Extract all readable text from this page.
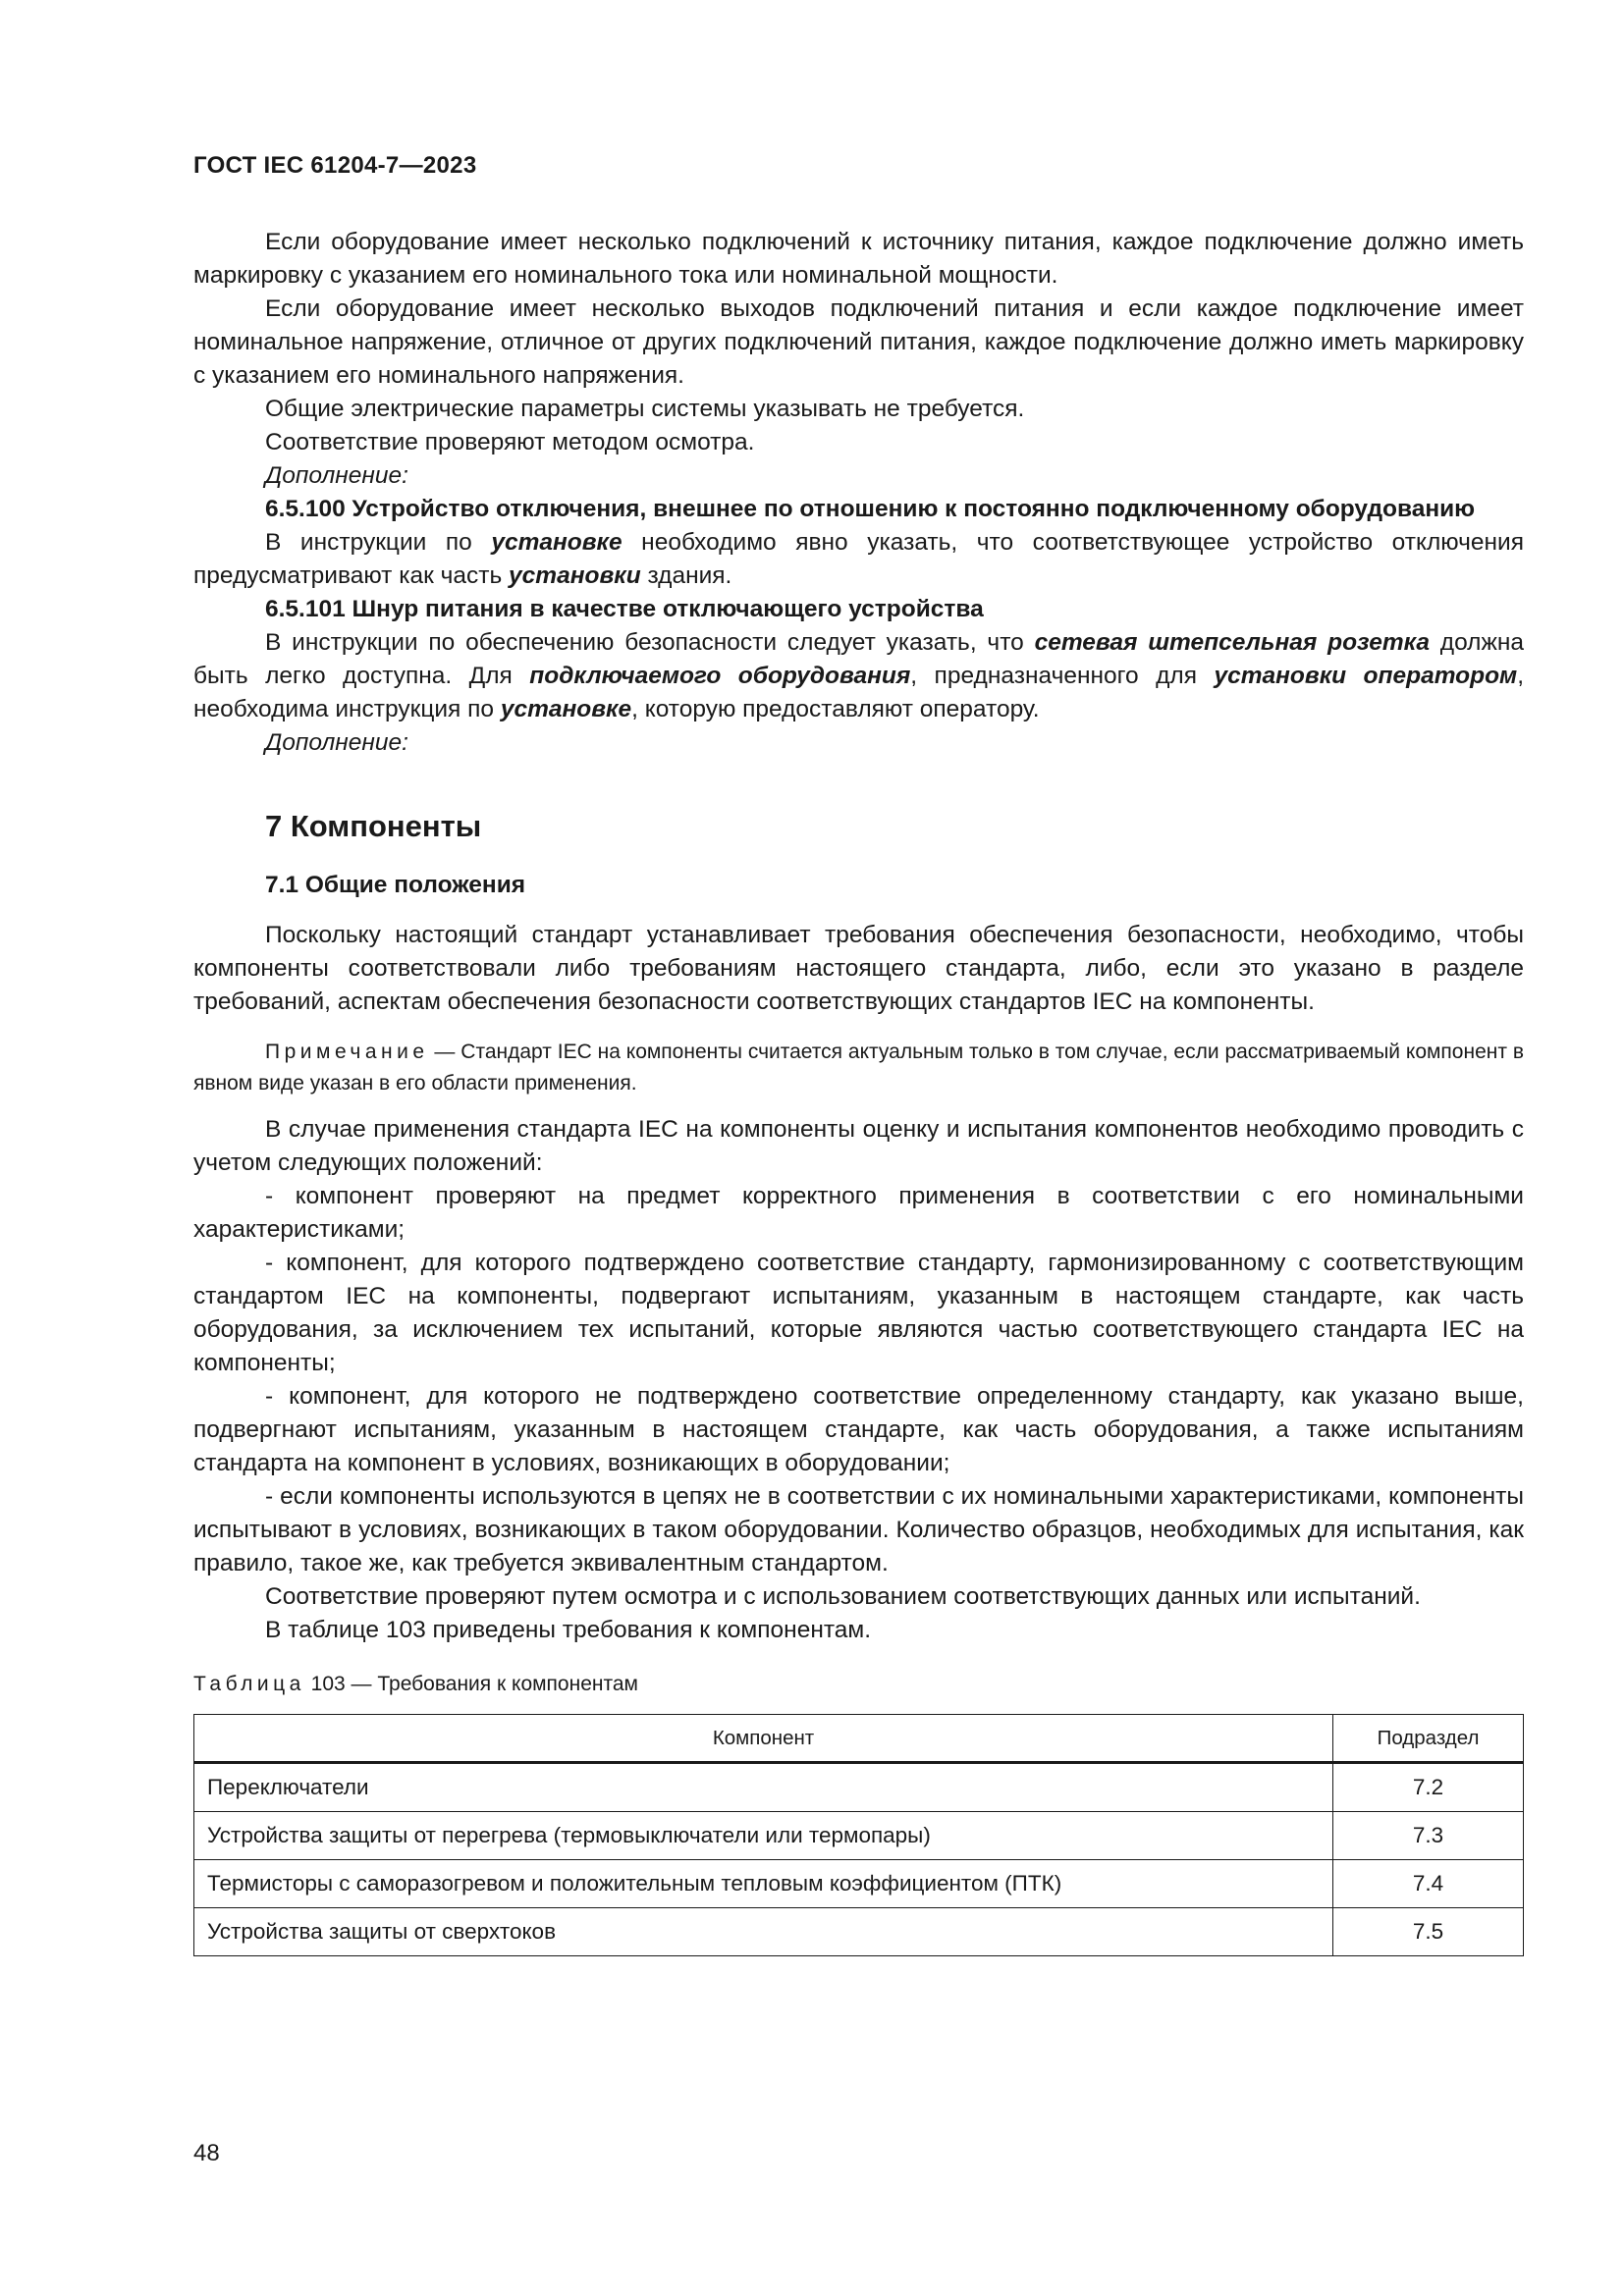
ГОСТ IEC 61204-7—2023

Если оборудование имеет несколько подключений к источнику питания, каждое подключение должно иметь маркировку с указанием его номинального тока или номинальной мощности.

Если оборудование имеет несколько выходов подключений питания и если каждое подключение имеет номинальное напряжение, отличное от других подключений питания, каждое подключение должно иметь маркировку с указанием его номинального напряжения.

Общие электрические параметры системы указывать не требуется.

Соответствие проверяют методом осмотра.

Дополнение:

6.5.100 Устройство отключения, внешнее по отношению к постоянно подключенному оборудованию

В инструкции по установке необходимо явно указать, что соответствующее устройство отключения предусматривают как часть установки здания.

6.5.101 Шнур питания в качестве отключающего устройства

В инструкции по обеспечению безопасности следует указать, что сетевая штепсельная розетка должна быть легко доступна. Для подключаемого оборудования, предназначенного для установки оператором, необходима инструкция по установке, которую предоставляют оператору.

Дополнение:

7 Компоненты
7.1 Общие положения

Поскольку настоящий стандарт устанавливает требования обеспечения безопасности, необходимо, чтобы компоненты соответствовали либо требованиям настоящего стандарта, либо, если это указано в разделе требований, аспектам обеспечения безопасности соответствующих стандартов IEC на компоненты.

Примечание — Стандарт IEC на компоненты считается актуальным только в том случае, если рассматриваемый компонент в явном виде указан в его области применения.

В случае применения стандарта IEC на компоненты оценку и испытания компонентов необходимо проводить с учетом следующих положений:

- компонент проверяют на предмет корректного применения в соответствии с его номинальными характеристиками;

- компонент, для которого подтверждено соответствие стандарту, гармонизированному с соответствующим стандартом IEC на компоненты, подвергают испытаниям, указанным в настоящем стандарте, как часть оборудования, за исключением тех испытаний, которые являются частью соответствующего стандарта IEC на компоненты;

- компонент, для которого не подтверждено соответствие определенному стандарту, как указано выше, подвергнают испытаниям, указанным в настоящем стандарте, как часть оборудования, а также испытаниям стандарта на компонент в условиях, возникающих в оборудовании;

- если компоненты используются в цепях не в соответствии с их номинальными характеристиками, компоненты испытывают в условиях, возникающих в таком оборудовании. Количество образцов, необходимых для испытания, как правило, такое же, как требуется эквивалентным стандартом.

Соответствие проверяют путем осмотра и с использованием соответствующих данных или испытаний.

В таблице 103 приведены требования к компонентам.

Таблица 103 — Требования к компонентам
Компонент	Подраздел
Переключатели	7.2
Устройства защиты от перегрева (термовыключатели или термопары)	7.3
Термисторы с саморазогревом и положительным тепловым коэффициентом (ПТК)	7.4
Устройства защиты от сверхтоков	7.5
48
